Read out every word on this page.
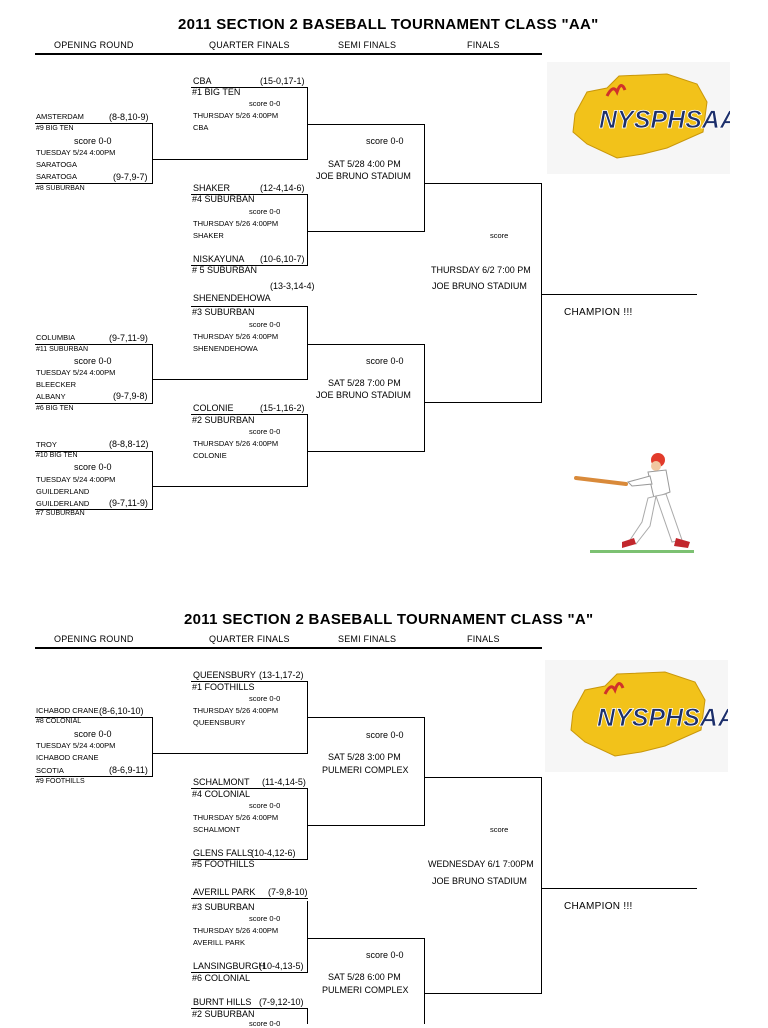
2011 SECTION 2 BASEBALL TOURNAMENT CLASS "AA"
OPENING ROUND	QUARTER FINALS	SEMI FINALS	FINALS
AMSTERDAM	(8-8,10-9)
#9 BIG TEN
score 0-0
TUESDAY 5/24 4:00PM
SARATOGA
SARATOGA	(9-7,9-7)
#8 SUBURBAN
CBA	(15-0,17-1)
#1 BIG TEN
score 0-0
THURSDAY 5/26 4:00PM
CBA
SHAKER	(12-4,14-6)
#4 SUBURBAN
score 0-0
THURSDAY 5/26 4:00PM
SHAKER
NISKAYUNA (10-6,10-7)
# 5 SUBURBAN
score 0-0
SAT 5/28 4:00 PM
JOE BRUNO STADIUM
(13-3,14-4)
SHENENDEHOWA
#3 SUBURBAN
score 0-0
THURSDAY 5/26 4:00PM
SHENENDEHOWA
COLUMBIA	(9-7,11-9)
#11 SUBURBAN
score 0-0
TUESDAY 5/24 4:00PM
BLEECKER
ALBANY	(9-7,9-8)
#6 BIG TEN	COLONIE	(15-1,16-2)
#2 SUBURBAN
score 0-0
THURSDAY 5/26 4:00PM
COLONIE
score 0-0
SAT 5/28 7:00 PM
JOE BRUNO STADIUM
score
THURSDAY 6/2 7:00 PM
JOE BRUNO STADIUM
CHAMPION !!!
TROY	(8-8,8-12)
#10 BIG TEN
score 0-0
TUESDAY 5/24 4:00PM
GUILDERLAND
GUILDERLAND (9-7,11-9)
#7 SUBURBAN
NYSPHSAA
2011 SECTION 2 BASEBALL TOURNAMENT CLASS "A"
OPENING ROUND	QUARTER FINALS	SEMI FINALS	FINALS
ICHABOD CRANE (8-6,10-10)
#8 COLONIAL
score 0-0
TUESDAY 5/24 4:00PM
ICHABOD CRANE
SCOTIA	(8-6,9-11)
#9 FOOTHILLS
QUEENSBURY (13-1,17-2)
#1 FOOTHILLS
score 0-0
THURSDAY 5/26 4:00PM
QUEENSBURY
score 0-0
SAT 5/28 3:00 PM
PULMERI COMPLEX
SCHALMONT (11-4,14-5)
#4 COLONIAL
score 0-0
THURSDAY 5/26 4:00PM
SCHALMONT
GLENS FALLS
(10-4,12-6)
#5 FOOTHILLS
score
WEDNESDAY 6/1 7:00PM
JOE BRUNO STADIUM
CHAMPION !!!
AVERILL PARK (7-9,8-10)
#3 SUBURBAN
score 0-0
THURSDAY 5/26 4:00PM
AVERILL PARK
LANSINGBURGH
(10-4,13-5)
#6 COLONIAL
score 0-0
SAT 5/28 6:00 PM
PULMERI COMPLEX
BURNT HILLS (7-9,12-10)
#2 SUBURBAN
score 0-0
NYSPHSAA
